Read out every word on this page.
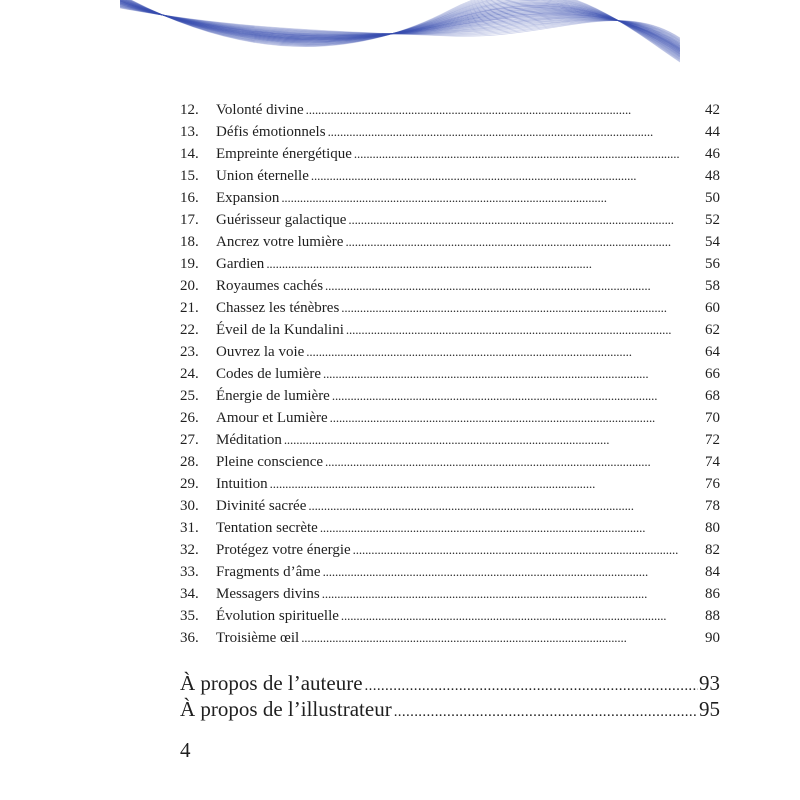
12.	Volonté divine . . .	42
13.	Défis émotionnels . . .	44
14.	Empreinte énergétique . . .	46
15.	Union éternelle . . .	48
16.	Expansion . . .	50
17.	Guérisseur galactique . . .	52
18.	Ancrez votre lumière . . .	54
19.	Gardien . . .	56
20.	Royaumes cachés . . .	58
21.	Chassez les ténèbres . . .	60
22.	Éveil de la Kundalini . . .	62
23.	Ouvrez la voie . . .	64
24.	Codes de lumière . . .	66
25.	Énergie de lumière . . .	68
26.	Amour et Lumière . . .	70
27.	Méditation . . .	72
28.	Pleine conscience . . .	74
29.	Intuition . . .	76
30.	Divinité sacrée . . .	78
31.	Tentation secrète . . .	80
32.	Protégez votre énergie . . .	82
33.	Fragments d’âme . . .	84
34.	Messagers divins . . .	86
35.	Évolution spirituelle . . .	88
36.	Troisième œil . . .	90
À propos de l’auteure . . .	93
À propos de l’illustrateur . . .	95
4
